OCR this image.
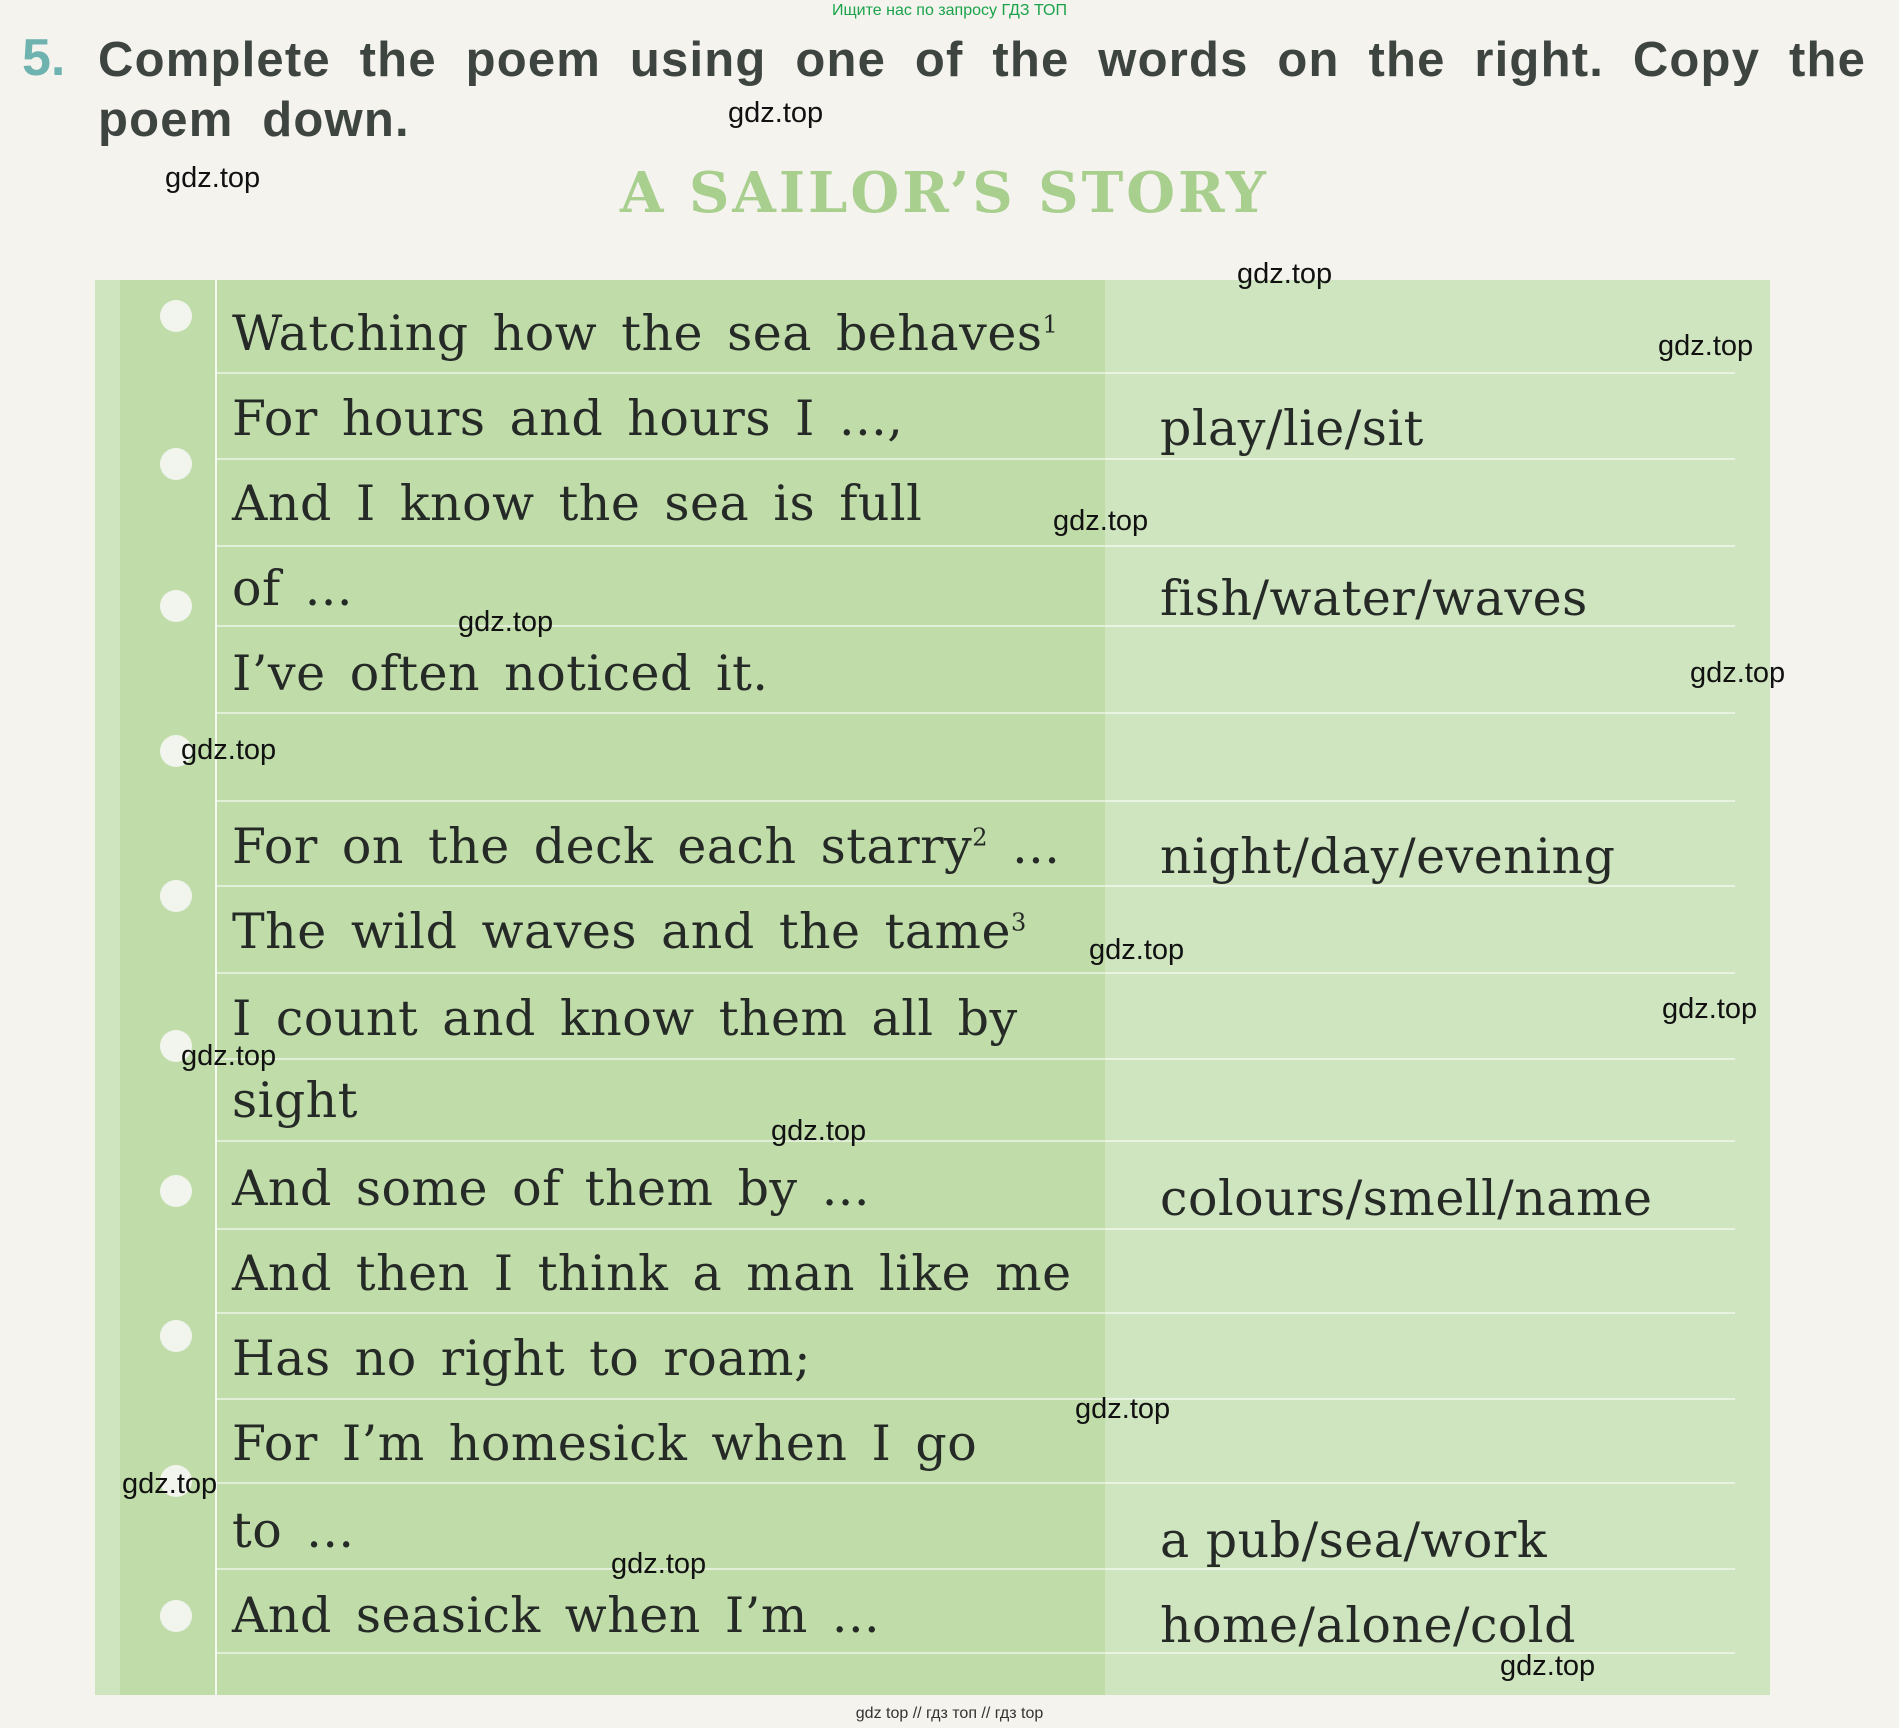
Ищите нас по запросу ГДЗ ТОП
5. Complete the poem using one of the words on the right. Copy the poem down.
A SAILOR’S STORY
Watching how the sea behaves$^1$
For hours and hours I ...,
And I know the sea is full
of ...
I’ve often noticed it.
For on the deck each starry$^2$ ...
The wild waves and the tame$^3$
I count and know them all by
sight
And some of them by ...
And then I think a man like me
Has no right to roam;
For I’m homesick when I go
to ...
And seasick when I’m ...
play/lie/sit
fish/water/waves
night/day/evening
colours/smell/name
a pub/sea/work
home/alone/cold
gdz.top
gdz.top
gdz.top
gdz.top
gdz.top
gdz.top
gdz.top
gdz.top
gdz.top
gdz.top
gdz.top
gdz.top
gdz.top
gdz.top
gdz.top
gdz.top
gdz top // гдз топ // гдз top
